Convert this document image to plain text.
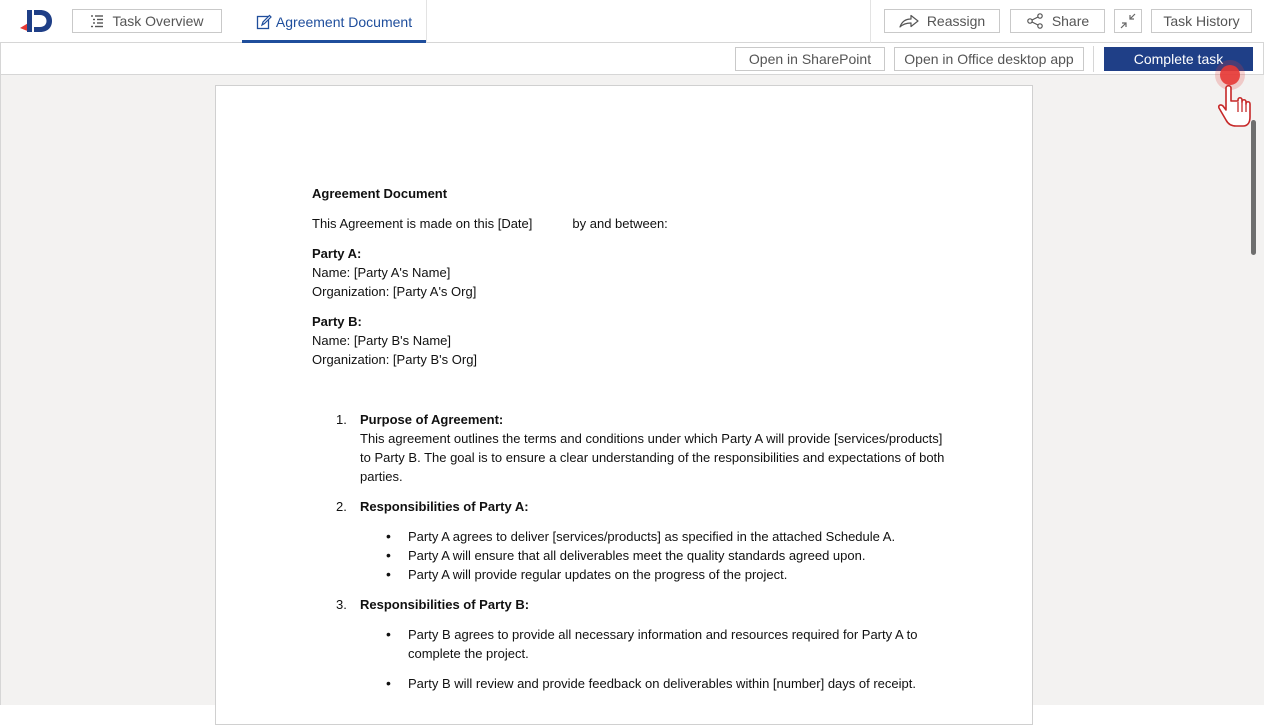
Task Overview	Agreement Document	Reassign	Share	Task History
Open in SharePoint Open in Office desktop app	Complete task
Agreement Document
This Agreement is made on this [Date]	by and between:
Party A:
Name: [Party A's Name]
Organization: [Party A's Org]
Party B:
Name: [Party B's Name]
Organization: [Party B's Org]
1. Purpose of Agreement:
This agreement outlines the terms and conditions under which Party A will provide [services/products] to Party B. The goal is to ensure a clear understanding of the responsibilities and expectations of both parties.
2. Responsibilities of Party A:
• Party A agrees to deliver [services/products] as specified in the attached Schedule A.
• Party A will ensure that all deliverables meet the quality standards agreed upon.
• Party A will provide regular updates on the progress of the project.
3. Responsibilities of Party B:
• Party B agrees to provide all necessary information and resources required for Party A to complete the project.
• Party B will review and provide feedback on deliverables within [number] days of receipt.
